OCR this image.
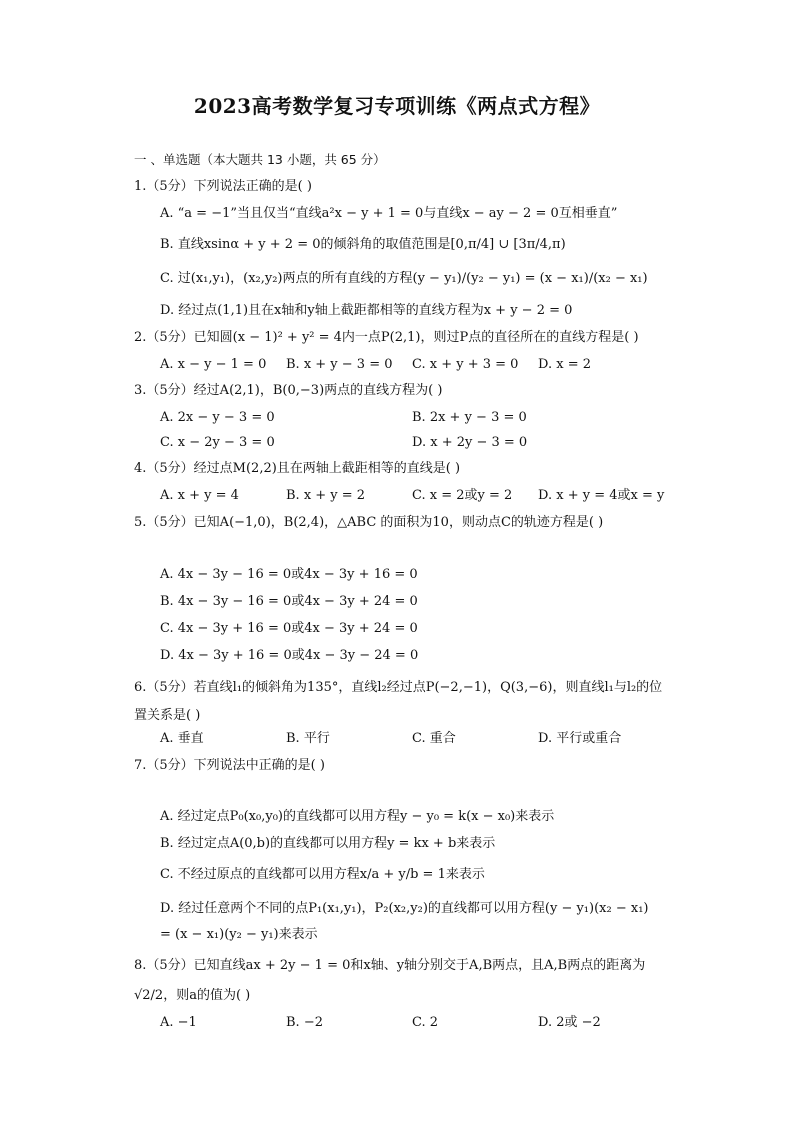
2023高考数学复习专项训练《两点式方程》
一 、单选题（本大题共 13 小题，共 65 分）
1.（5分）下列说法正确的是( )
A. “a = −1”当且仅当“直线a²x − y + 1 = 0与直线x − ay − 2 = 0互相垂直”
B. 直线xsinα + y + 2 = 0的倾斜角的取值范围是[0,π/4] ∪ [3π/4,π)
C. 过(x₁,y₁)，(x₂,y₂)两点的所有直线的方程(y − y₁)/(y₂ − y₁) = (x − x₁)/(x₂ − x₁)
D. 经过点(1,1)且在x轴和y轴上截距都相等的直线方程为x + y − 2 = 0
2.（5分）已知圆(x − 1)² + y² = 4内一点P(2,1)，则过P点的直径所在的直线方程是( )
A. x − y − 1 = 0 B. x + y − 3 = 0 C. x + y + 3 = 0 D. x = 2
3.（5分）经过A(2,1)，B(0,−3)两点的直线方程为( )
A. 2x − y − 3 = 0	B. 2x + y − 3 = 0
C. x − 2y − 3 = 0	D. x + 2y − 3 = 0
4.（5分）经过点M(2,2)且在两轴上截距相等的直线是( )
A. x + y = 4	B. x + y = 2	C. x = 2或y = 2 D. x + y = 4或x = y
5.（5分）已知A(−1,0)，B(2,4)，△ABC 的面积为10，则动点C的轨迹方程是( )
A. 4x − 3y − 16 = 0或4x − 3y + 16 = 0
B. 4x − 3y − 16 = 0或4x − 3y + 24 = 0
C. 4x − 3y + 16 = 0或4x − 3y + 24 = 0
D. 4x − 3y + 16 = 0或4x − 3y − 24 = 0
6.（5分）若直线l₁的倾斜角为135°，直线l₂经过点P(−2,−1)，Q(3,−6)，则直线l₁与l₂的位置关系是( )
A. 垂直	B. 平行	C. 重合	D. 平行或重合
7.（5分）下列说法中正确的是( )
A. 经过定点P₀(x₀,y₀)的直线都可以用方程y − y₀ = k(x − x₀)来表示
B. 经过定点A(0,b)的直线都可以用方程y = kx + b来表示
C. 不经过原点的直线都可以用方程x/a + y/b = 1来表示
D. 经过任意两个不同的点P₁(x₁,y₁)，P₂(x₂,y₂)的直线都可以用方程(y − y₁)(x₂ − x₁) = (x − x₁)(y₂ − y₁)来表示
8.（5分）已知直线ax + 2y − 1 = 0和x轴、y轴分别交于A,B两点，且A,B两点的距离为√2/2，则a的值为( )
A. −1	B. −2	C. 2	D. 2或 −2
